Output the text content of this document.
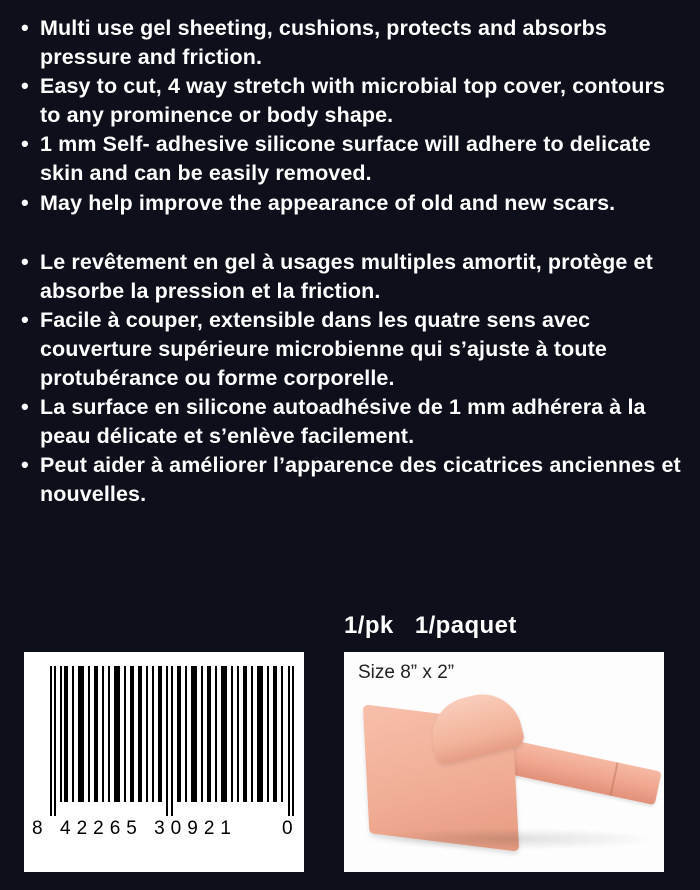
• Multi use gel sheeting, cushions, protects and absorbs pressure and friction.
• Easy to cut, 4 way stretch with microbial top cover, contours to any prominence or body shape.
• 1 mm Self- adhesive silicone surface will adhere to delicate skin and can be easily removed.
• May help improve the appearance of old and new scars.
• Le revêtement en gel à usages multiples amortit, protège et absorbe la pression et la friction.
• Facile à couper, extensible dans les quatre sens avec couverture supérieure microbienne qui s’ajuste à toute protubérance ou forme corporelle.
• La surface en silicone autoadhésive de 1 mm adhérera à la peau délicate et s’enlève facilement.
• Peut aider à améliorer l’apparence des cicatrices anciennes et nouvelles.
1/pk   1/paquet
8 42265 30921 0
Size 8” x 2”
